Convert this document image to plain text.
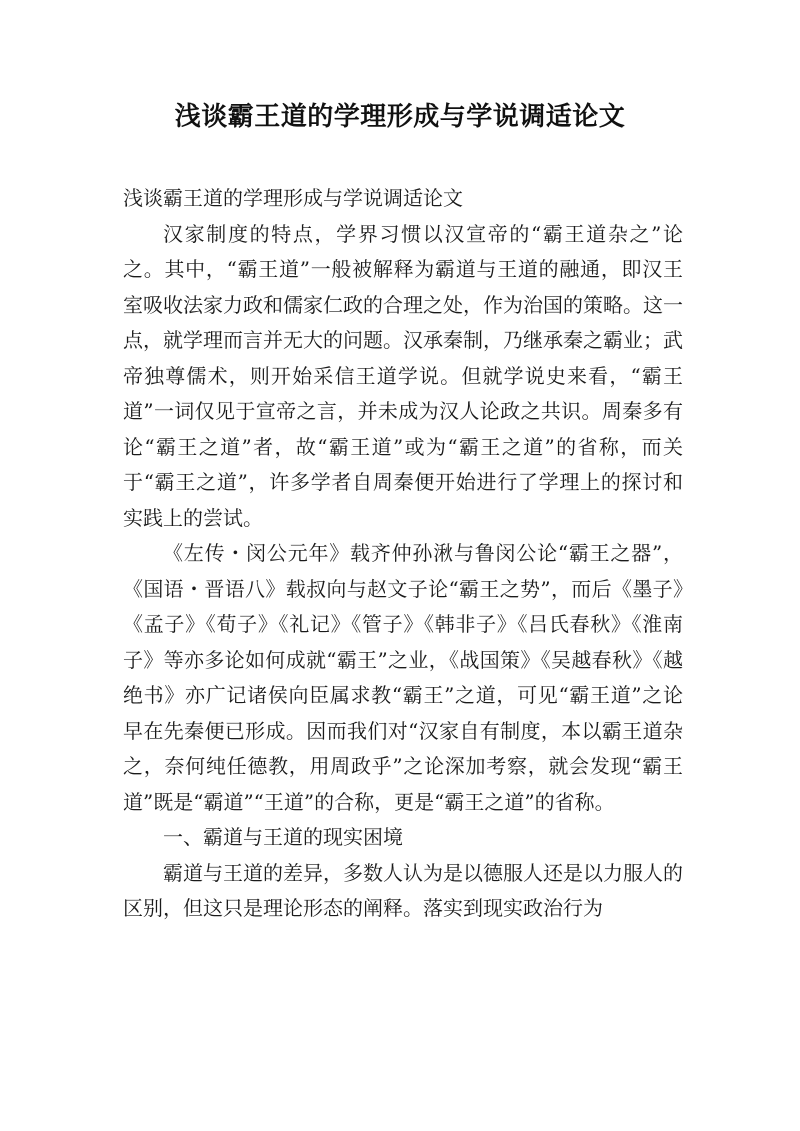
浅谈霸王道的学理形成与学说调适论文

浅谈霸王道的学理形成与学说调适论文

汉家制度的特点，学界习惯以汉宣帝的“霸王道杂之”论之。其中，“霸王道”一般被解释为霸道与王道的融通，即汉王室吸收法家力政和儒家仁政的合理之处，作为治国的策略。这一点，就学理而言并无大的问题。汉承秦制，乃继承秦之霸业；武帝独尊儒术，则开始采信王道学说。但就学说史来看，“霸王道”一词仅见于宣帝之言，并未成为汉人论政之共识。周秦多有论“霸王之道”者，故“霸王道”或为“霸王之道”的省称，而关于“霸王之道”，许多学者自周秦便开始进行了学理上的探讨和实践上的尝试。

《左传・闵公元年》载齐仲孙湫与鲁闵公论“霸王之器”，《国语・晋语八》载叔向与赵文子论“霸王之势”，而后《墨子》《孟子》《荀子》《礼记》《管子》《韩非子》《吕氏春秋》《淮南子》等亦多论如何成就“霸王”之业，《战国策》《吴越春秋》《越绝书》亦广记诸侯向臣属求教“霸王”之道，可见“霸王道”之论早在先秦便已形成。因而我们对“汉家自有制度，本以霸王道杂之，奈何纯任德教，用周政乎”之论深加考察，就会发现“霸王道”既是“霸道”“王道”的合称，更是“霸王之道”的省称。

一、霸道与王道的现实困境

霸道与王道的差异，多数人认为是以德服人还是以力服人的区别，但这只是理论形态的阐释。落实到现实政治行为
